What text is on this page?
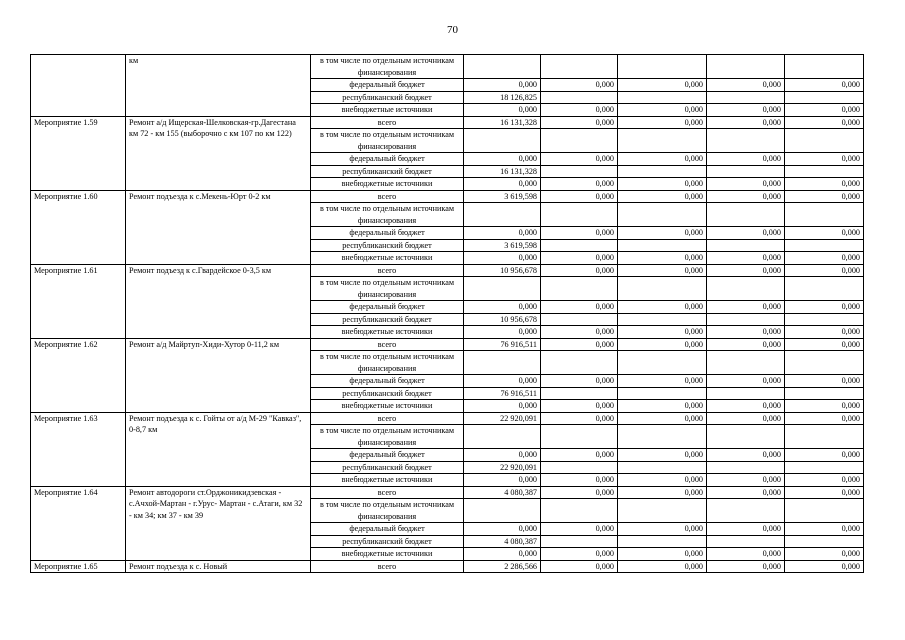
70
	км	в том числе по отдельным источникам финансирования					
		федеральный бюджет	0,000	0,000	0,000	0,000	0,000
		республиканский бюджет	18 126,825				
		внебюджетные источники	0,000	0,000	0,000	0,000	0,000
Мероприятие 1.59	Ремонт а/д Ищерская-Шелковская-гр.Дагестана км 72 - км 155 (выборочно с км 107 по км 122)	всего	16 131,328	0,000	0,000	0,000	0,000
		в том числе по отдельным источникам финансирования					
		федеральный бюджет	0,000	0,000	0,000	0,000	0,000
		республиканский бюджет	16 131,328				
		внебюджетные источники	0,000	0,000	0,000	0,000	0,000
Мероприятие 1.60	Ремонт подъезда к с.Мекень-Юрт 0-2 км	всего	3 619,598	0,000	0,000	0,000	0,000
		в том числе по отдельным источникам финансирования					
		федеральный бюджет	0,000	0,000	0,000	0,000	0,000
		республиканский бюджет	3 619,598				
		внебюджетные источники	0,000	0,000	0,000	0,000	0,000
Мероприятие 1.61	Ремонт подъезд к с.Гвардейское 0-3,5 км	всего	10 956,678	0,000	0,000	0,000	0,000
		в том числе по отдельным источникам финансирования					
		федеральный бюджет	0,000	0,000	0,000	0,000	0,000
		республиканский бюджет	10 956,678				
		внебюджетные источники	0,000	0,000	0,000	0,000	0,000
Мероприятие 1.62	Ремонт а/д Майртуп-Хиди-Хутор 0-11,2 км	всего	76 916,511	0,000	0,000	0,000	0,000
		в том числе по отдельным источникам финансирования					
		федеральный бюджет	0,000	0,000	0,000	0,000	0,000
		республиканский бюджет	76 916,511				
		внебюджетные источники	0,000	0,000	0,000	0,000	0,000
Мероприятие 1.63	Ремонт подъезда к с. Гойты от а/д М-29 "Кавказ", 0-8,7 км	всего	22 920,091	0,000	0,000	0,000	0,000
		в том числе по отдельным источникам финансирования					
		федеральный бюджет	0,000	0,000	0,000	0,000	0,000
		республиканский бюджет	22 920,091				
		внебюджетные источники	0,000	0,000	0,000	0,000	0,000
Мероприятие 1.64	Ремонт автодороги ст.Орджоникидзевская - с.Ачхой-Мартан - г.Урус- Мартан - с.Атаги, км 32 - км 34; км 37 - км 39	всего	4 080,387	0,000	0,000	0,000	0,000
		в том числе по отдельным источникам финансирования					
		федеральный бюджет	0,000	0,000	0,000	0,000	0,000
		республиканский бюджет	4 080,387				
		внебюджетные источники	0,000	0,000	0,000	0,000	0,000
Мероприятие 1.65	Ремонт подъезда к с. Новый	всего	2 286,566	0,000	0,000	0,000	0,000
